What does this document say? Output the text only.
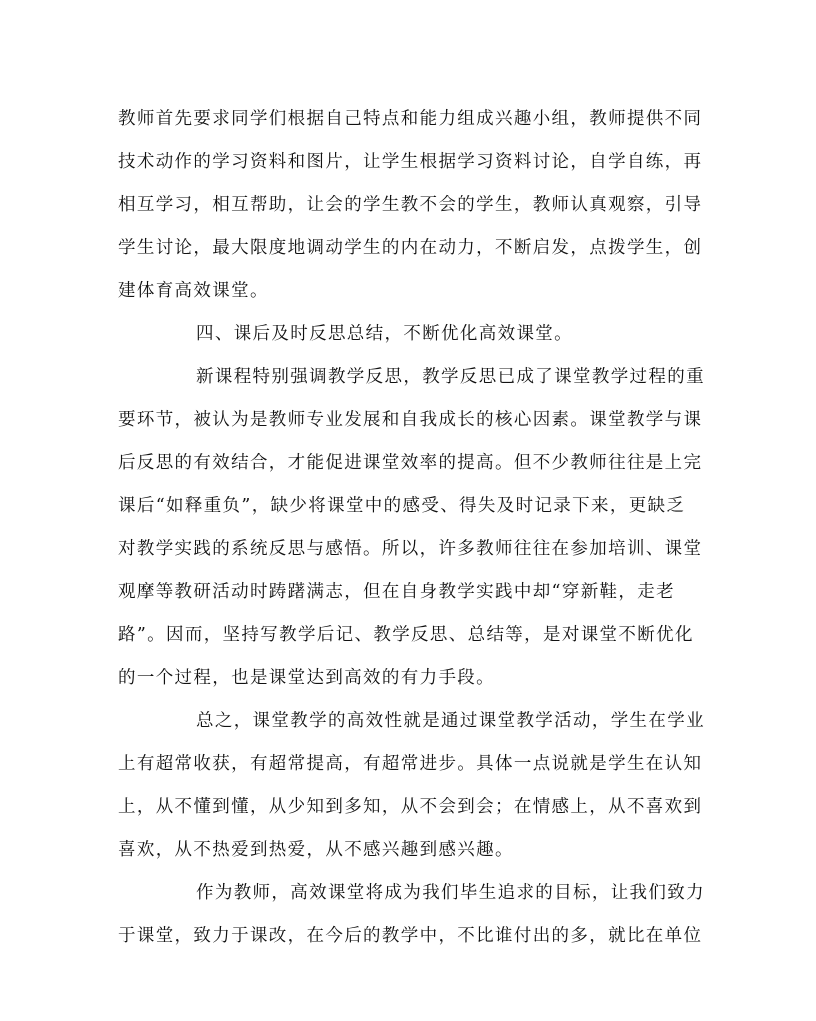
教师首先要求同学们根据自己特点和能力组成兴趣小组，教师提供不同
技术动作的学习资料和图片，让学生根据学习资料讨论，自学自练，再
相互学习，相互帮助，让会的学生教不会的学生，教师认真观察，引导
学生讨论，最大限度地调动学生的内在动力，不断启发，点拨学生，创
建体育高效课堂。
四、课后及时反思总结，不断优化高效课堂。
新课程特别强调教学反思，教学反思已成了课堂教学过程的重
要环节，被认为是教师专业发展和自我成长的核心因素。课堂教学与课
后反思的有效结合，才能促进课堂效率的提高。但不少教师往往是上完
课后“如释重负”，缺少将课堂中的感受、得失及时记录下来，更缺乏
对教学实践的系统反思与感悟。所以，许多教师往往在参加培训、课堂
观摩等教研活动时踌躇满志，但在自身教学实践中却“穿新鞋，走老
路”。因而，坚持写教学后记、教学反思、总结等，是对课堂不断优化
的一个过程，也是课堂达到高效的有力手段。
总之，课堂教学的高效性就是通过课堂教学活动，学生在学业
上有超常收获，有超常提高，有超常进步。具体一点说就是学生在认知
上，从不懂到懂，从少知到多知，从不会到会；在情感上，从不喜欢到
喜欢，从不热爱到热爱，从不感兴趣到感兴趣。
作为教师，高效课堂将成为我们毕生追求的目标，让我们致力
于课堂，致力于课改，在今后的教学中，不比谁付出的多，就比在单位
